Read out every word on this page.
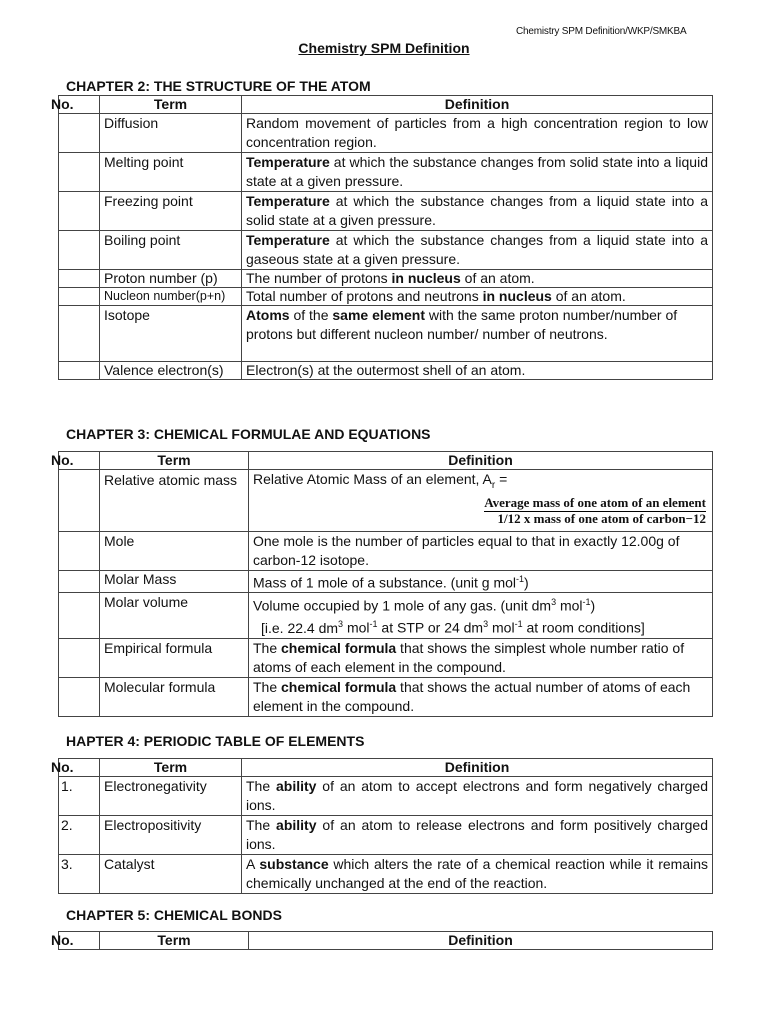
Chemistry SPM Definition/WKP/SMKBA
Chemistry SPM Definition
CHAPTER 2: THE STRUCTURE OF THE ATOM
No.	Term	Definition
	Diffusion	Random movement of particles from a high concentration region to low concentration region.
	Melting point	Temperature at which the substance changes from solid state into a liquid state at a given pressure.
	Freezing point	Temperature at which the substance changes from a liquid state into a solid state at a given pressure.
	Boiling point	Temperature at which the substance changes from a liquid state into a gaseous state at a given pressure.
	Proton number (p)	The number of protons in nucleus of an atom.
	Nucleon number(p+n)	Total number of protons and neutrons in nucleus of an atom.
	Isotope	Atoms of the same element with the same proton number/number of protons but different nucleon number/ number of neutrons.
	Valence electron(s)	Electron(s) at the outermost shell of an atom.
CHAPTER 3: CHEMICAL FORMULAE AND EQUATIONS
No.	Term	Definition
	Relative atomic mass	Relative Atomic Mass of an element, $A_r$ =
Average mass of one atom of an element
1/12 x mass of one atom of carbon−12

	Mole	One mole is the number of particles equal to that in exactly 12.00g of carbon-12 isotope.
	Molar Mass	Mass of 1 mole of a substance. (unit g mol$^{-1}$)
	Molar volume	Volume occupied by 1 mole of any gas. (unit $dm^3$ mol$^{-1}$)
[i.e. 22.4 $dm^3$ mol$^{-1}$ at STP or 24 $dm^3$ mol$^{-1}$ at room conditions]
	Empirical formula	The chemical formula that shows the simplest whole number ratio of atoms of each element in the compound.
	Molecular formula	The chemical formula that shows the actual number of atoms of each element in the compound.
HAPTER 4: PERIODIC TABLE OF ELEMENTS
No.	Term	Definition
1.	Electronegativity	The ability of an atom to accept electrons and form negatively charged ions.
2.	Electropositivity	The ability of an atom to release electrons and form positively charged ions.
3.	Catalyst	A substance which alters the rate of a chemical reaction while it remains chemically unchanged at the end of the reaction.
CHAPTER 5: CHEMICAL BONDS
No.	Term	Definition
